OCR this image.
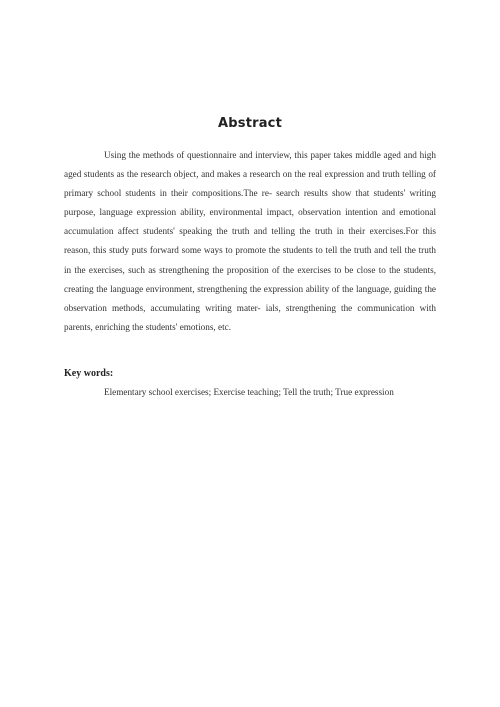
Abstract

Using the methods of questionnaire and interview, this paper takes middle aged and high aged students as the research object, and makes a research on the real expression and truth telling of primary school students in their compositions.The re- search results show that students' writing purpose, language expression ability, environmental impact, observation intention and emotional accumulation affect students' speaking the truth and telling the truth in their exercises.For this reason, this study puts forward some ways to promote the students to tell the truth and tell the truth in the exercises, such as strengthening the proposition of the exercises to be close to the students, creating the language environment, strengthening the expression ability of the language, guiding the observation methods, accumulating writing mater- ials, strengthening the communication with parents, enriching the students' emotions, etc.

Key words:

Elementary school exercises; Exercise teaching; Tell the truth; True expression
